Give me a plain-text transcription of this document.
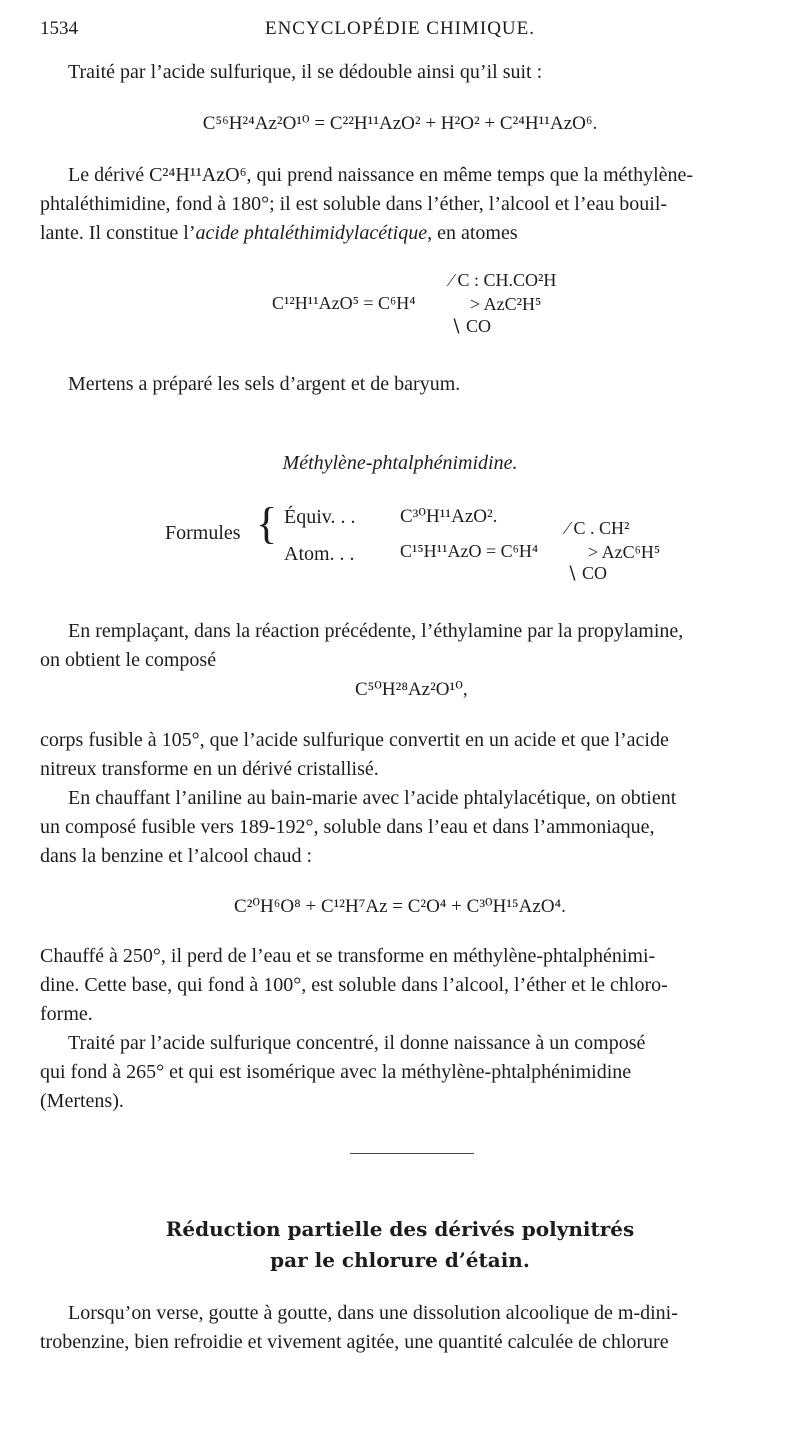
1534	ENCYCLOPÉDIE CHIMIQUE.
Traité par l’acide sulfurique, il se dédouble ainsi qu’il suit :
C⁵⁶H²⁴Az²O¹⁰ = C²²H¹¹AzO² + H²O² + C²⁴H¹¹AzO⁶.
Le dérivé C²⁴H¹¹AzO⁶, qui prend naissance en même temps que la méthylène-
phtaléthimidine, fond à 180°; il est soluble dans l’éther, l’alcool et l’eau bouil-
lante. Il constitue l’acide phtaléthimidylacétique, en atomes
C¹²H¹¹AzO⁵ = C⁶H⁴
⁄ C : CH.CO²H
> AzC²H⁵
∖ CO
Mertens a préparé les sels d’argent et de baryum.
Méthylène-phtalphénimidine.
Formules { Équiv. . . C³⁰H¹¹AzO².
Atom. . .	C¹⁵H¹¹AzO = C⁶H⁴
⁄ C . CH²
> AzC⁶H⁵
∖ CO
En remplaçant, dans la réaction précédente, l’éthylamine par la propylamine,
on obtient le composé
C⁵⁰H²⁸Az²O¹⁰,
corps fusible à 105°, que l’acide sulfurique convertit en un acide et que l’acide
nitreux transforme en un dérivé cristallisé.
En chauffant l’aniline au bain-marie avec l’acide phtalylacétique, on obtient
un composé fusible vers 189-192°, soluble dans l’eau et dans l’ammoniaque,
dans la benzine et l’alcool chaud :
C²⁰H⁶O⁸ + C¹²H⁷Az = C²O⁴ + C³⁰H¹⁵AzO⁴.
Chauffé à 250°, il perd de l’eau et se transforme en méthylène-phtalphénimi-
dine. Cette base, qui fond à 100°, est soluble dans l’alcool, l’éther et le chloro-
forme.
Traité par l’acide sulfurique concentré, il donne naissance à un composé
qui fond à 265° et qui est isomérique avec la méthylène-phtalphénimidine
(Mertens).
Réduction partielle des dérivés polynitrés
par le chlorure d’étain.
Lorsqu’on verse, goutte à goutte, dans une dissolution alcoolique de m-dini-
trobenzine, bien refroidie et vivement agitée, une quantité calculée de chlorure
